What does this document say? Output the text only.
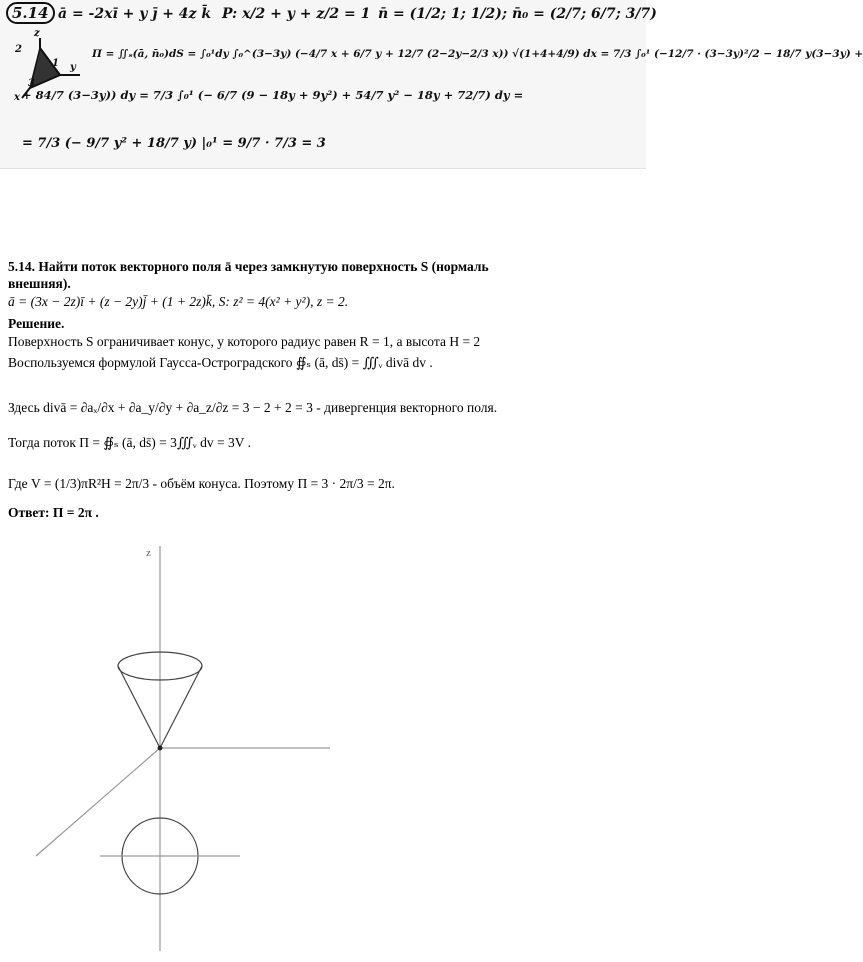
5.14 ā = -2xī + y j̄ + 4z k̄ P: x/2 + y + z/2 = 1 n̄ = (1/2; 1; 1/2); n̄₀ = (2/7; 6/7; 3/7)
z
y
x
2
1
3
Π = ∬ₛ(ā, n̄₀)dS = ∫₀¹dy ∫₀^(3−3y) (−4/7 x + 6/7 y + 12/7 (2−2y−2/3 x)) √(1+4+4/9) dx = 7/3 ∫₀¹ (−12/7 · (3−3y)²/2 − 18/7 y(3−3y) +
+ 84/7 (3−3y)) dy = 7/3 ∫₀¹ (− 6/7 (9 − 18y + 9y²) + 54/7 y² − 18y + 72/7) dy =
= 7/3 (− 9/7 y² + 18/7 y) |₀¹ = 9/7 · 7/3 = 3
5.14. Найти поток векторного поля ā через замкнутую поверхность S (нормаль
внешняя).
ā = (3x − 2z)ī + (z − 2y)j̄ + (1 + 2z)k̄, S: z² = 4(x² + y²), z = 2.
Решение.
Поверхность S ограничивает конус, у которого радиус равен R = 1, а высота H = 2
Воспользуемся формулой Гаусса-Остроградского ∯ₛ (ā, ds̄) = ∭ᵥ divā dv .
Здесь divā = ∂aₓ/∂x + ∂a_y/∂y + ∂a_z/∂z = 3 − 2 + 2 = 3 - дивергенция векторного поля.
Тогда поток Π = ∯ₛ (ā, ds̄) = 3∭ᵥ dv = 3V .
Где V = (1/3)πR²H = 2π/3 - объём конуса. Поэтому Π = 3 · 2π/3 = 2π.
Ответ: Π = 2π .
z
